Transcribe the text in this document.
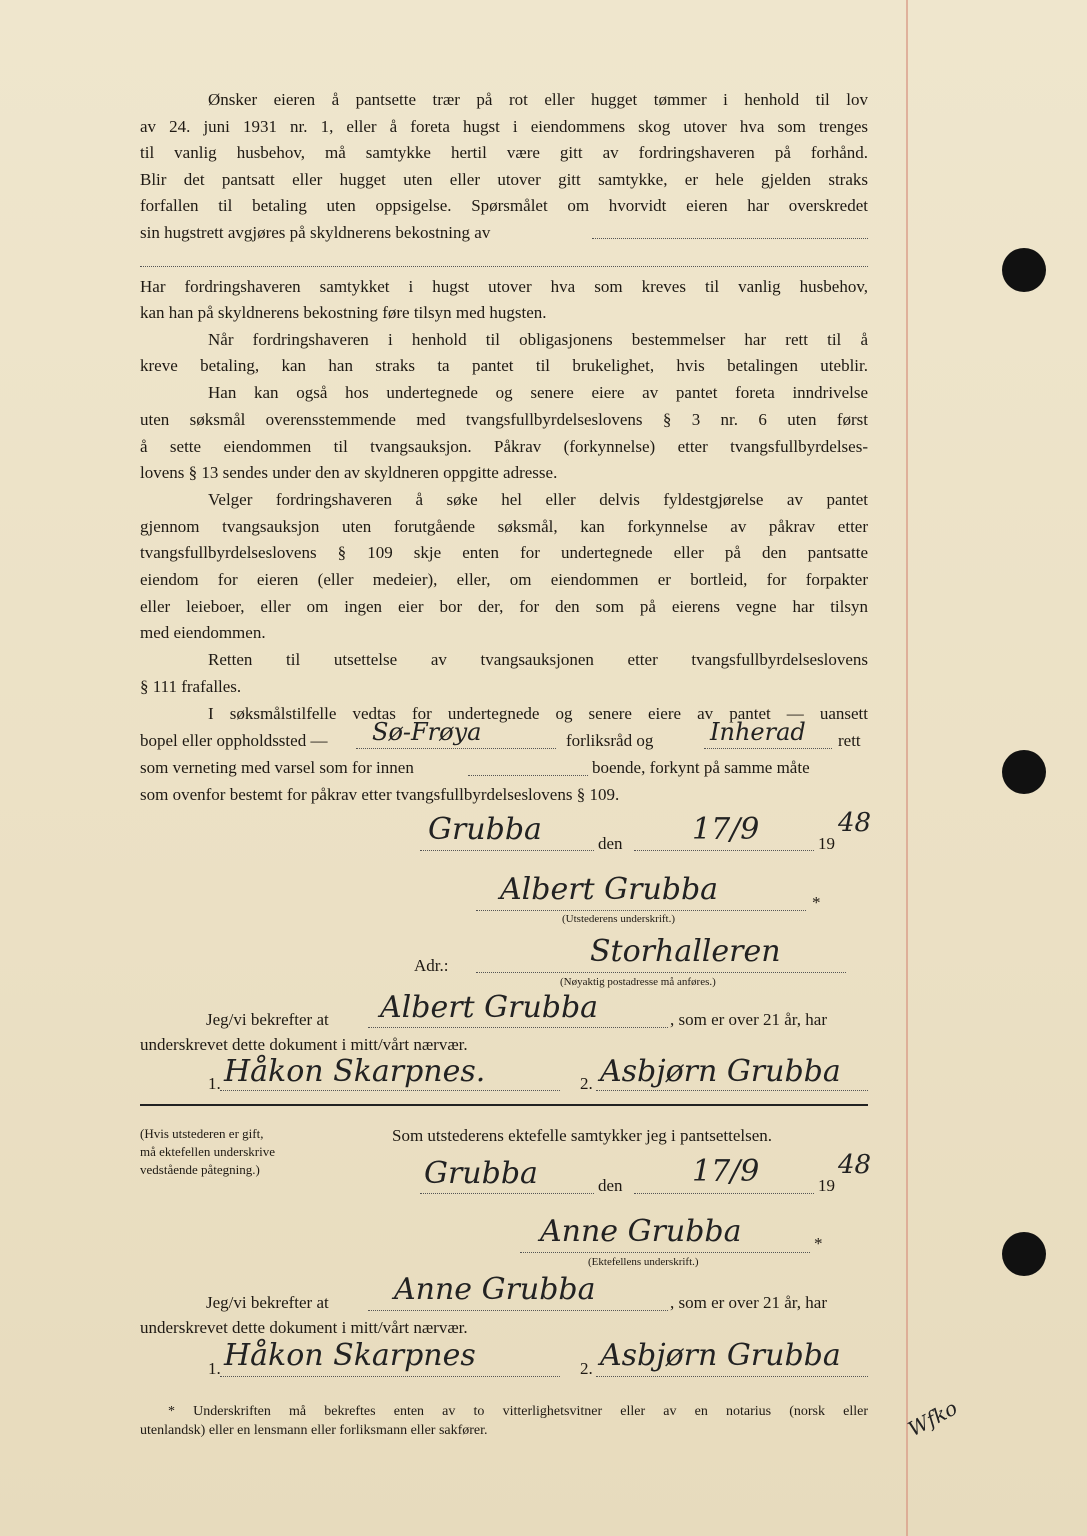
Ønsker eieren å pantsette trær på rot eller hugget tømmer i henhold til lov
av 24. juni 1931 nr. 1, eller å foreta hugst i eiendommens skog utover hva som trenges
til vanlig husbehov, må samtykke hertil være gitt av fordringshaveren på forhånd.
Blir det pantsatt eller hugget uten eller utover gitt samtykke, er hele gjelden straks
forfallen til betaling uten oppsigelse. Spørsmålet om hvorvidt eieren har overskredet
sin hugstrett avgjøres på skyldnerens bekostning av
Har fordringshaveren samtykket i hugst utover hva som kreves til vanlig husbehov,
kan han på skyldnerens bekostning føre tilsyn med hugsten.
Når fordringshaveren i henhold til obligasjonens bestemmelser har rett til å
kreve betaling, kan han straks ta pantet til brukelighet, hvis betalingen uteblir.
Han kan også hos undertegnede og senere eiere av pantet foreta inndrivelse
uten søksmål overensstemmende med tvangsfullbyrdelseslovens § 3 nr. 6 uten først
å sette eiendommen til tvangsauksjon. Påkrav (forkynnelse) etter tvangsfullbyrdelses-
lovens § 13 sendes under den av skyldneren oppgitte adresse.
Velger fordringshaveren å søke hel eller delvis fyldestgjørelse av pantet
gjennom tvangsauksjon uten forutgående søksmål, kan forkynnelse av påkrav etter
tvangsfullbyrdelseslovens § 109 skje enten for undertegnede eller på den pantsatte
eiendom for eieren (eller medeier), eller, om eiendommen er bortleid, for forpakter
eller leieboer, eller om ingen eier bor der, for den som på eierens vegne har tilsyn
med eiendommen.
Retten til utsettelse av tvangsauksjonen etter tvangsfullbyrdelseslovens
§ 111 frafalles.
I søksmålstilfelle vedtas for undertegnede og senere eiere av pantet — uansett
bopel eller oppholdssted — Sø-Frøya	forliksråd og Inherad rett
som verneting med varsel som for innen	boende, forkynt på samme måte
som ovenfor bestemt for påkrav etter tvangsfullbyrdelseslovens § 109.
Grubba	den 17/9	19
48
Albert Grubba	*
(Utstederens underskrift.)
Adr.:	Storhalleren
(Nøyaktig postadresse må anføres.)
Jeg/vi bekrefter at Albert Grubba	, som er over 21 år, har
underskrevet dette dokument i mitt/vårt nærvær.
1. Håkon Skarpnes.	2. Asbjørn Grubba
(Hvis utstederen er gift,
må ektefellen underskrive
vedstående påtegning.)
Som utstederens ektefelle samtykker jeg i pantsettelsen.
Grubba	den 17/9	19
48
Anne Grubba	*
(Ektefellens underskrift.)
Jeg/vi bekrefter at Anne Grubba	, som er over 21 år, har
underskrevet dette dokument i mitt/vårt nærvær.
1. Håkon Skarpnes	2. Asbjørn Grubba
* Underskriften må bekreftes enten av to vitterlighetsvitner eller av en notarius (norsk eller
utenlandsk) eller en lensmann eller forliksmann eller sakfører.	Wfko
